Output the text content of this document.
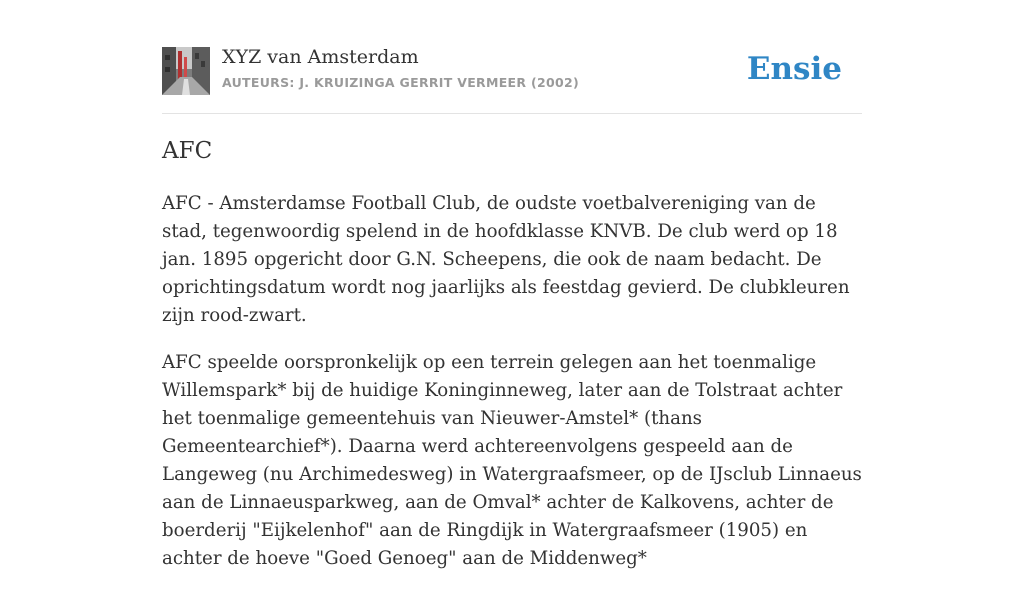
XYZ van Amsterdam
AUTEURS: J. KRUIZINGA GERRIT VERMEER (2002)	Ensie
AFC

AFC - Amsterdamse Football Club, de oudste voetbalvereniging van de stad, tegenwoordig spelend in de hoofdklasse KNVB. De club werd op 18 jan. 1895 opgericht door G.N. Scheepens, die ook de naam bedacht. De oprichtingsdatum wordt nog jaarlijks als feestdag gevierd. De clubkleuren zijn rood-zwart.

AFC speelde oorspronkelijk op een terrein gelegen aan het toenmalige Willemspark* bij de huidige Koninginneweg, later aan de Tolstraat achter het toenmalige gemeentehuis van Nieuwer-Amstel* (thans Gemeentearchief*). Daarna werd achtereenvolgens gespeeld aan de Langeweg (nu Archimedesweg) in Watergraafsmeer, op de IJsclub Linnaeus aan de Linnaeusparkweg, aan de Omval* achter de Kalkovens, achter de boerderij "Eijkelenhof" aan de Ringdijk in Watergraafsmeer (1905) en achter de hoeve "Goed Genoeg" aan de Middenweg*
